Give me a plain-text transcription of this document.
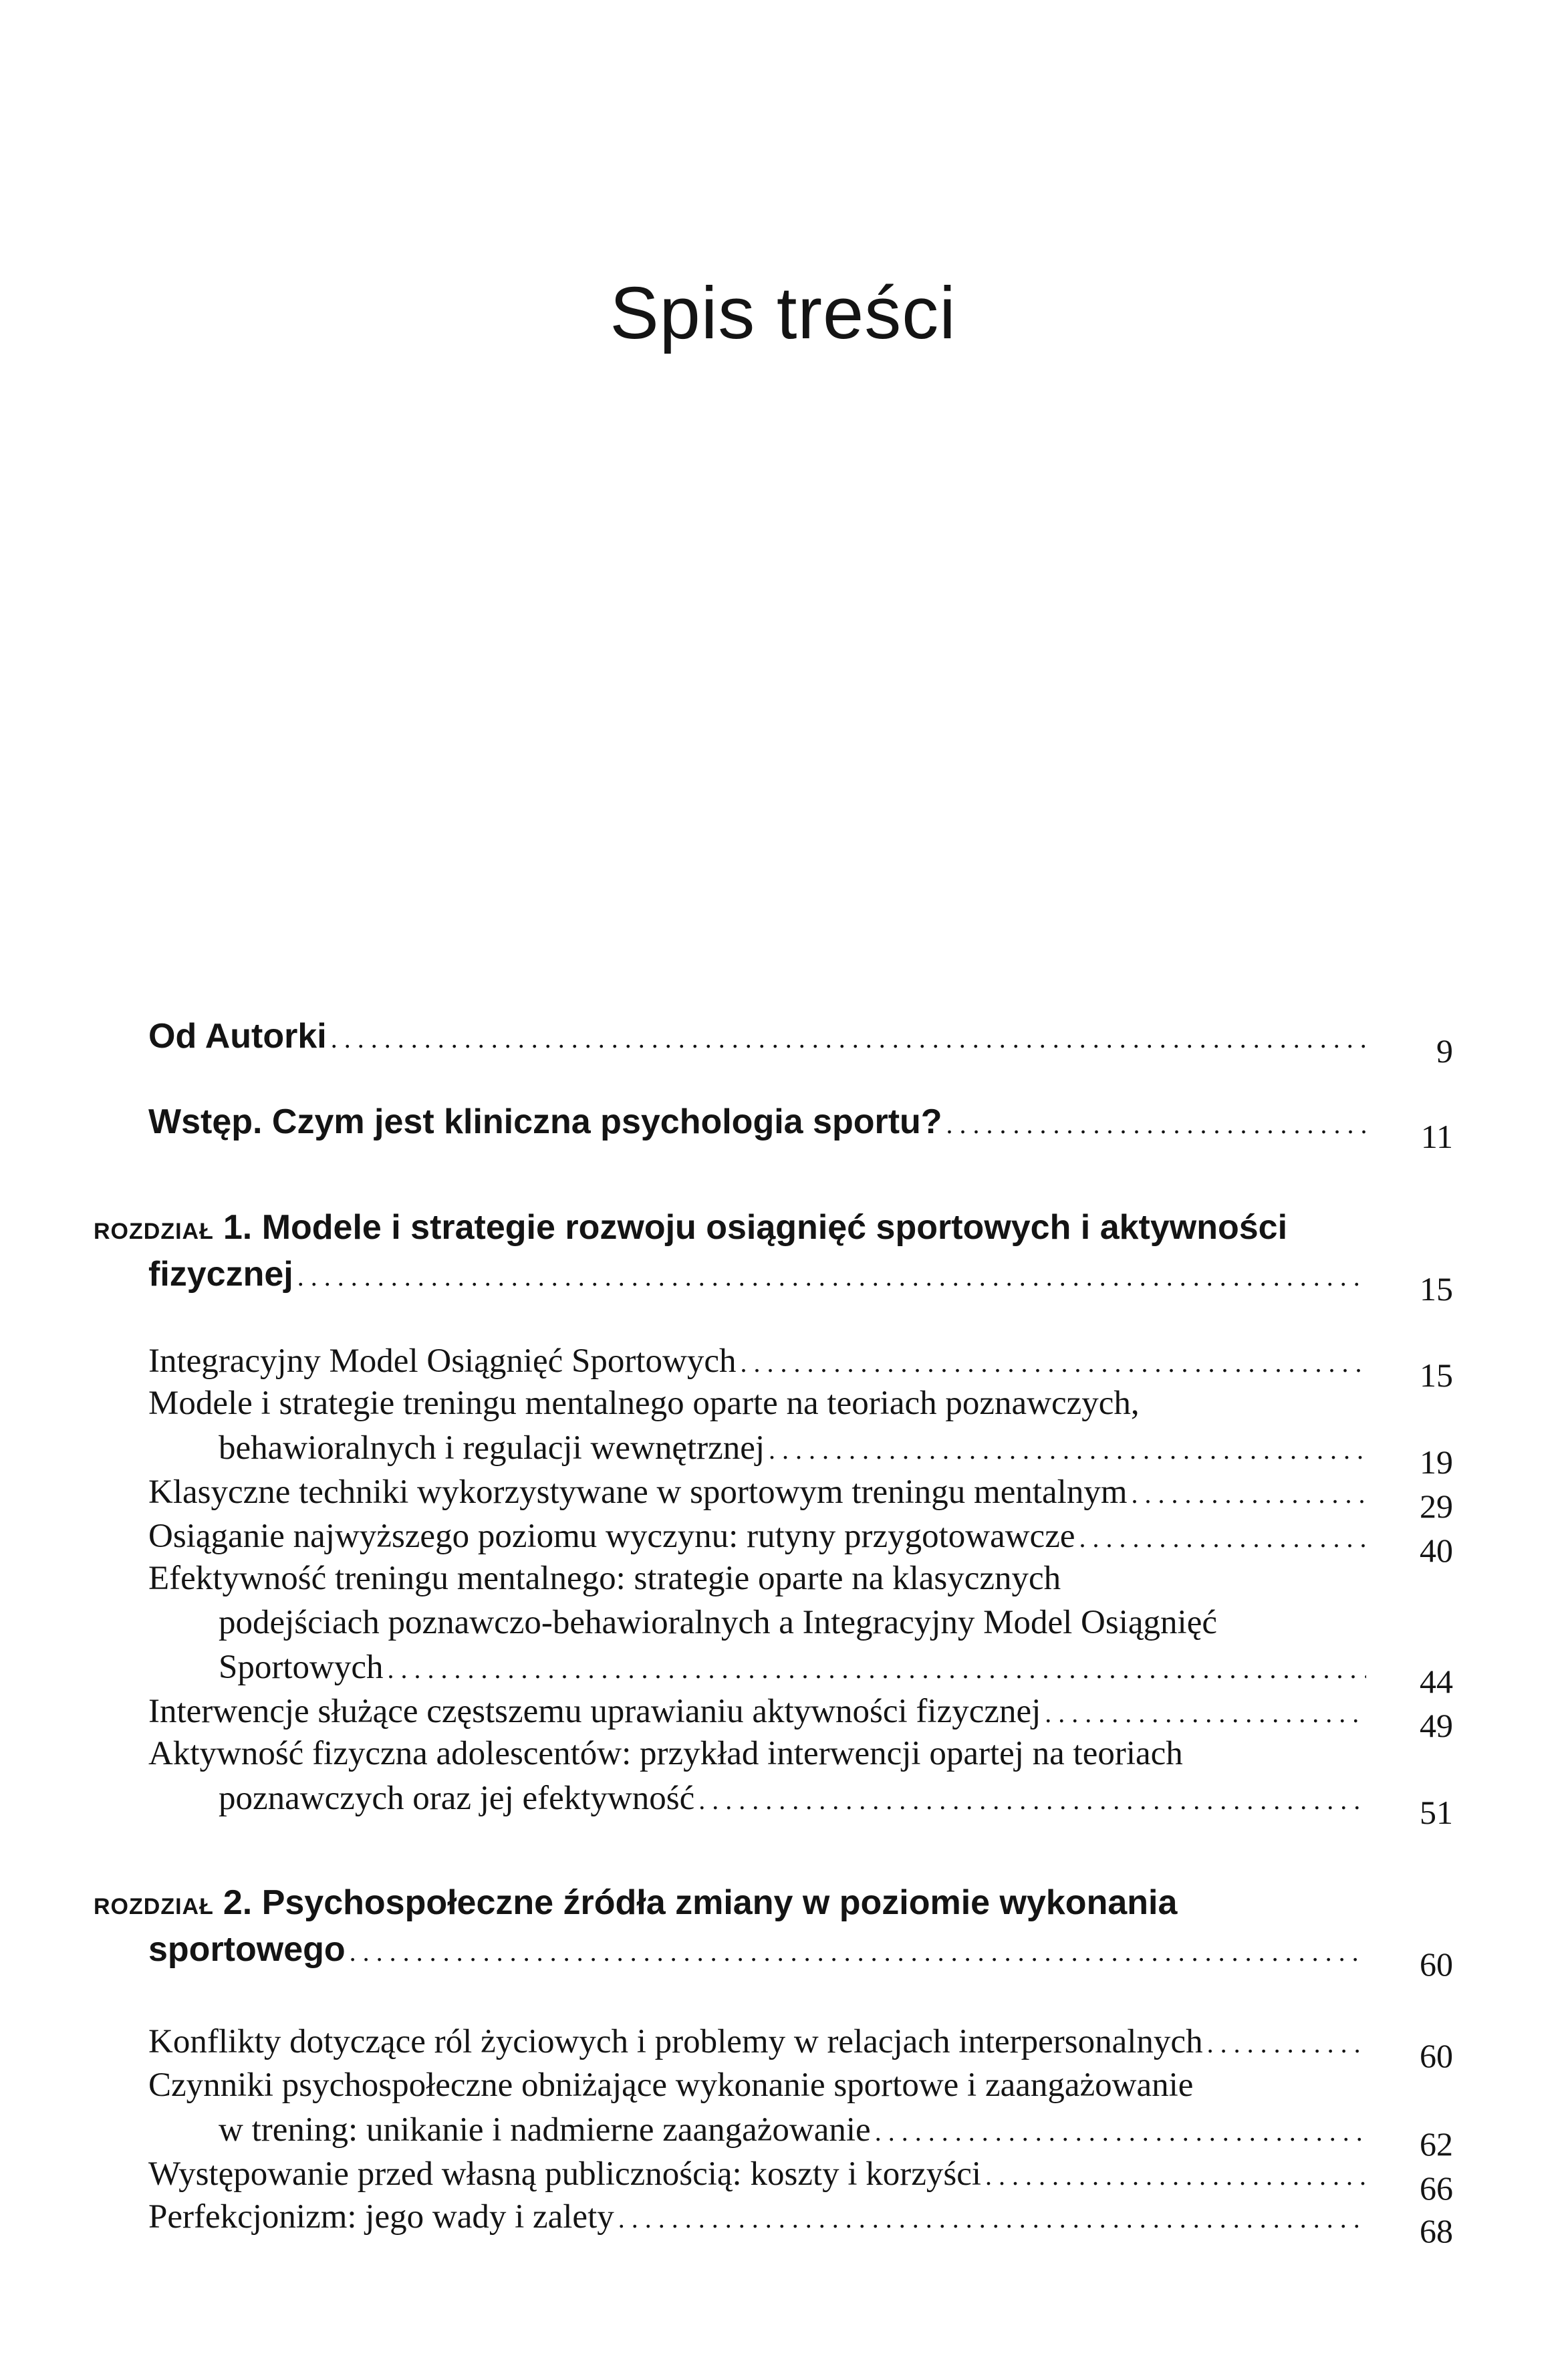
Spis treści
Od Autorki . . .	9
Wstęp. Czym jest kliniczna psychologia sportu? . . .	11
ROZDZIAŁ 1. Modele i strategie rozwoju osiągnięć sportowych i aktywności
fizycznej . . .	15
Integracyjny Model Osiągnięć Sportowych . . .	15
Modele i strategie treningu mentalnego oparte na teoriach poznawczych,
behawioralnych i regulacji wewnętrznej . . .	19
Klasyczne techniki wykorzystywane w sportowym treningu mentalnym . . .	29
Osiąganie najwyższego poziomu wyczynu: rutyny przygotowawcze . . .	40
Efektywność treningu mentalnego: strategie oparte na klasycznych
podejściach poznawczo-behawioralnych a Integracyjny Model Osiągnięć
Sportowych . . .	44
Interwencje służące częstszemu uprawianiu aktywności fizycznej . . .	49
Aktywność fizyczna adolescentów: przykład interwencji opartej na teoriach
poznawczych oraz jej efektywność . . .	51
ROZDZIAŁ 2. Psychospołeczne źródła zmiany w poziomie wykonania
sportowego . . .	60
Konflikty dotyczące ról życiowych i problemy w relacjach interpersonalnych . . .	60
Czynniki psychospołeczne obniżające wykonanie sportowe i zaangażowanie
w trening: unikanie i nadmierne zaangażowanie . . .	62
Występowanie przed własną publicznością: koszty i korzyści . . .	66
Perfekcjonizm: jego wady i zalety . . .	68
